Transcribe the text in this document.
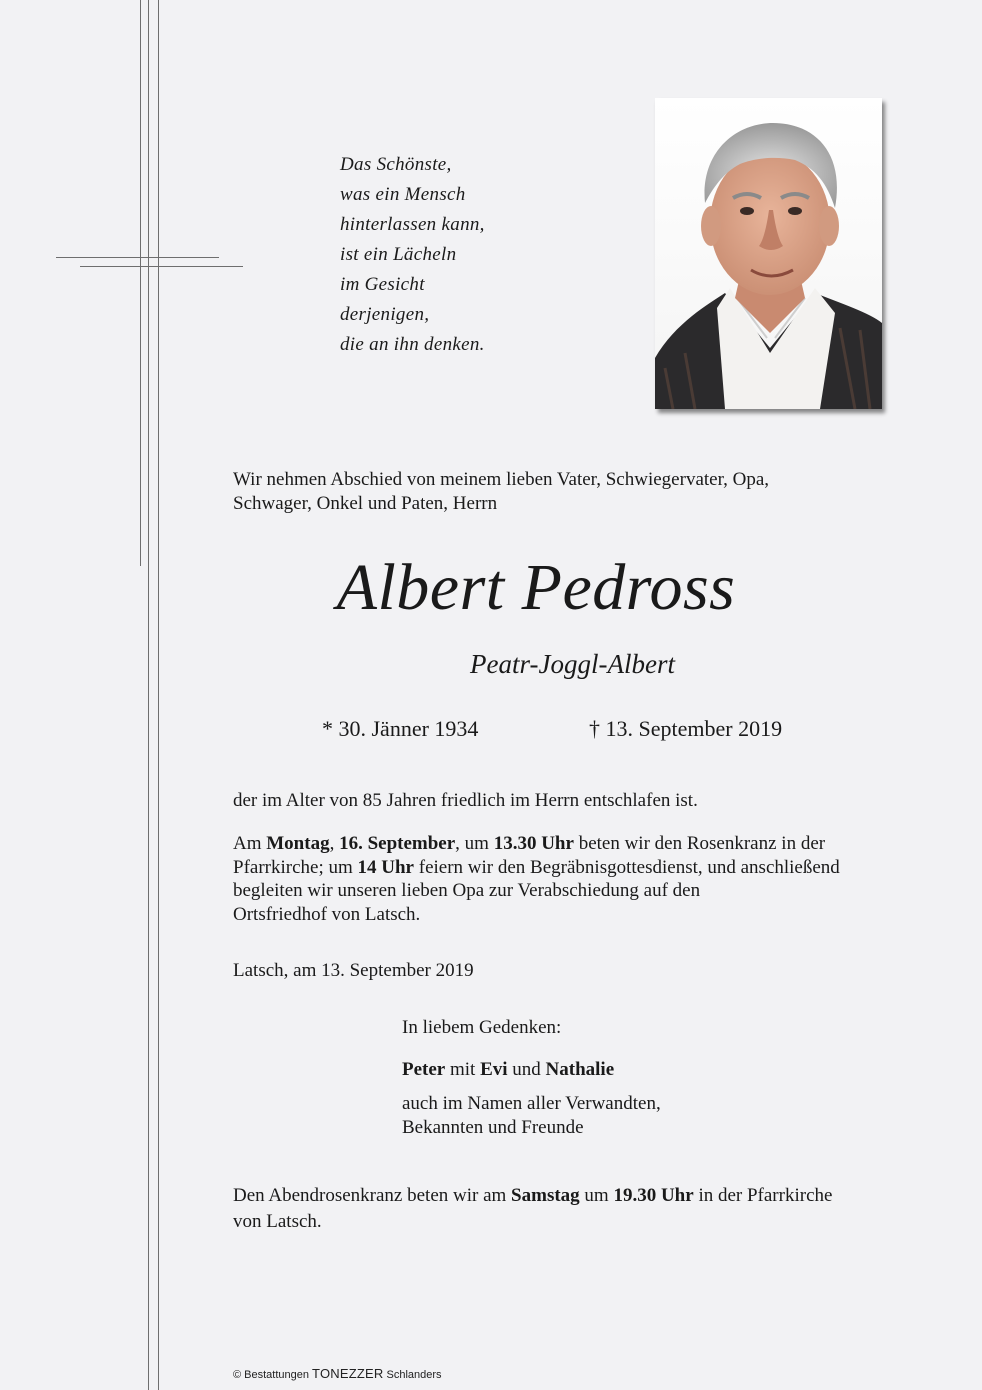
Das Schönste,
was ein Mensch
hinterlassen kann,
ist ein Lächeln
im Gesicht
derjenigen,
die an ihn denken.
Wir nehmen Abschied von meinem lieben Vater, Schwiegervater, Opa,
Schwager, Onkel und Paten, Herrn
Albert Pedross
Peatr-Joggl-Albert
* 30. Jänner 1934	† 13. September 2019
der im Alter von 85 Jahren friedlich im Herrn entschlafen ist.
Am Montag, 16. September, um 13.30 Uhr beten wir den Rosenkranz in der
Pfarrkirche; um 14 Uhr feiern wir den Begräbnisgottesdienst, und anschließend
begleiten wir unseren lieben Opa zur Verabschiedung auf den
Ortsfriedhof von Latsch.
Latsch, am 13. September 2019
In liebem Gedenken:
Peter mit Evi und Nathalie
auch im Namen aller Verwandten,
Bekannten und Freunde
Den Abendrosenkranz beten wir am Samstag um 19.30 Uhr in der Pfarrkirche
von Latsch.
© Bestattungen TONEZZER Schlanders
